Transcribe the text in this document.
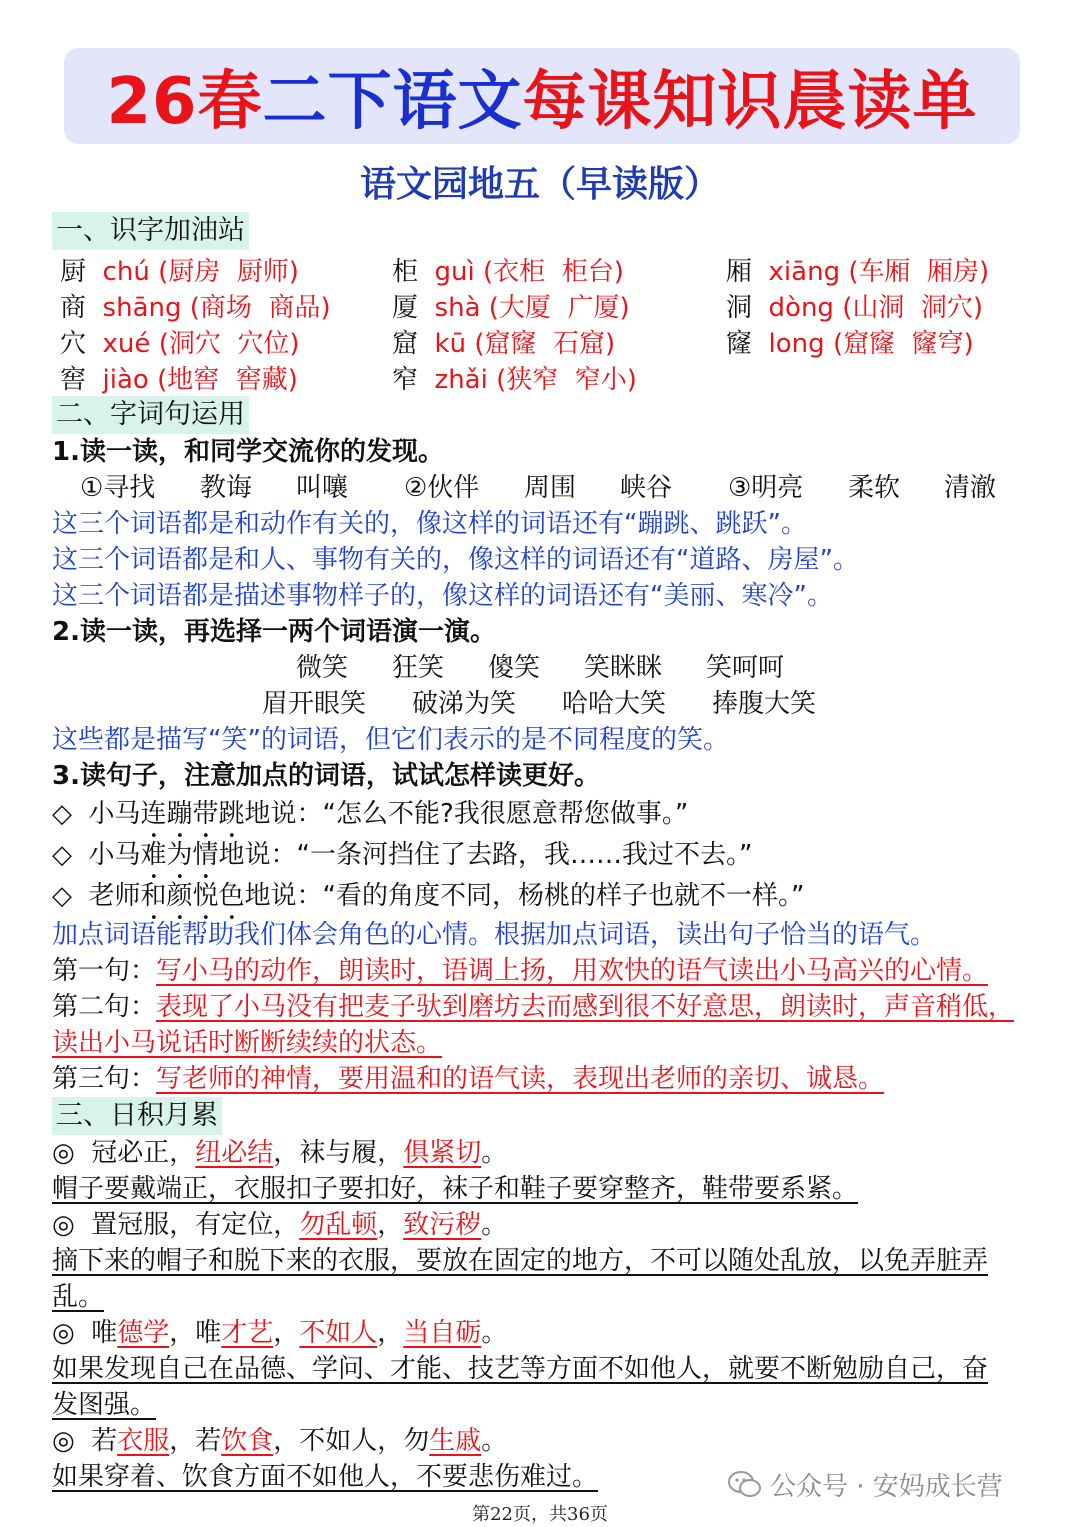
26春 二下语文 每课知识晨读单
语文园地五（早读版）
一、识字加油站
厨 chú (厨房  厨师)	柜 guì (衣柜  柜台)	厢 xiāng (车厢  厢房)
商 shāng (商场  商品) 厦 shà (大厦  广厦)	洞 dòng (山洞  洞穴)
穴 xué (洞穴  穴位)	窟 kū (窟窿  石窟)	窿 long (窟窿  窿穹)
窖 jiào (地窖  窖藏)	窄 zhǎi (狭窄  窄小)
二、字词句运用
1.读一读，和同学交流你的发现。
①寻找 教诲 叫嚷 ②伙伴 周围 峡谷 ③明亮 柔软 清澈
这三个词语都是和动作有关的，像这样的词语还有“蹦跳、跳跃”。
这三个词语都是和人、事物有关的，像这样的词语还有“道路、房屋”。
这三个词语都是描述事物样子的，像这样的词语还有“美丽、寒冷”。
2.读一读，再选择一两个词语演一演。
微笑 狂笑 傻笑 笑眯眯 笑呵呵
眉开眼笑 破涕为笑 哈哈大笑 捧腹大笑
这些都是描写“笑”的词语，但它们表示的是不同程度的笑。
3.读句子，注意加点的词语，试试怎样读更好。
◇  小马连蹦带跳地说：“怎么不能?我很愿意帮您做事。”
◇  小马难为情地说：“一条河挡住了去路，我……我过不去。”
◇  老师和颜悦色地说：“看的角度不同，杨桃的样子也就不一样。”
加点词语能帮助我们体会角色的心情。根据加点词语，读出句子恰当的语气。
第一句：写小马的动作，朗读时，语调上扬，用欢快的语气读出小马高兴的心情。
第二句：表现了小马没有把麦子驮到磨坊去而感到很不好意思，朗读时，声音稍低，
读出小马说话时断断续续的状态。
第三句：写老师的神情，要用温和的语气读，表现出老师的亲切、诚恳。
三、日积月累
◎  冠必正，纽必结，袜与履，俱紧切。
帽子要戴端正，衣服扣子要扣好，袜子和鞋子要穿整齐，鞋带要系紧。
◎  置冠服，有定位，勿乱顿，致污秽。
摘下来的帽子和脱下来的衣服，要放在固定的地方，不可以随处乱放，以免弄脏弄
乱。
◎  唯德学，唯才艺，不如人，当自砺。
如果发现自己在品德、学问、才能、技艺等方面不如他人，就要不断勉励自己，奋
发图强。
◎  若衣服，若饮食，不如人，勿生戚。
如果穿着、饮食方面不如他人，不要悲伤难过。	公众号 · 安妈成长营
第22页，共36页
